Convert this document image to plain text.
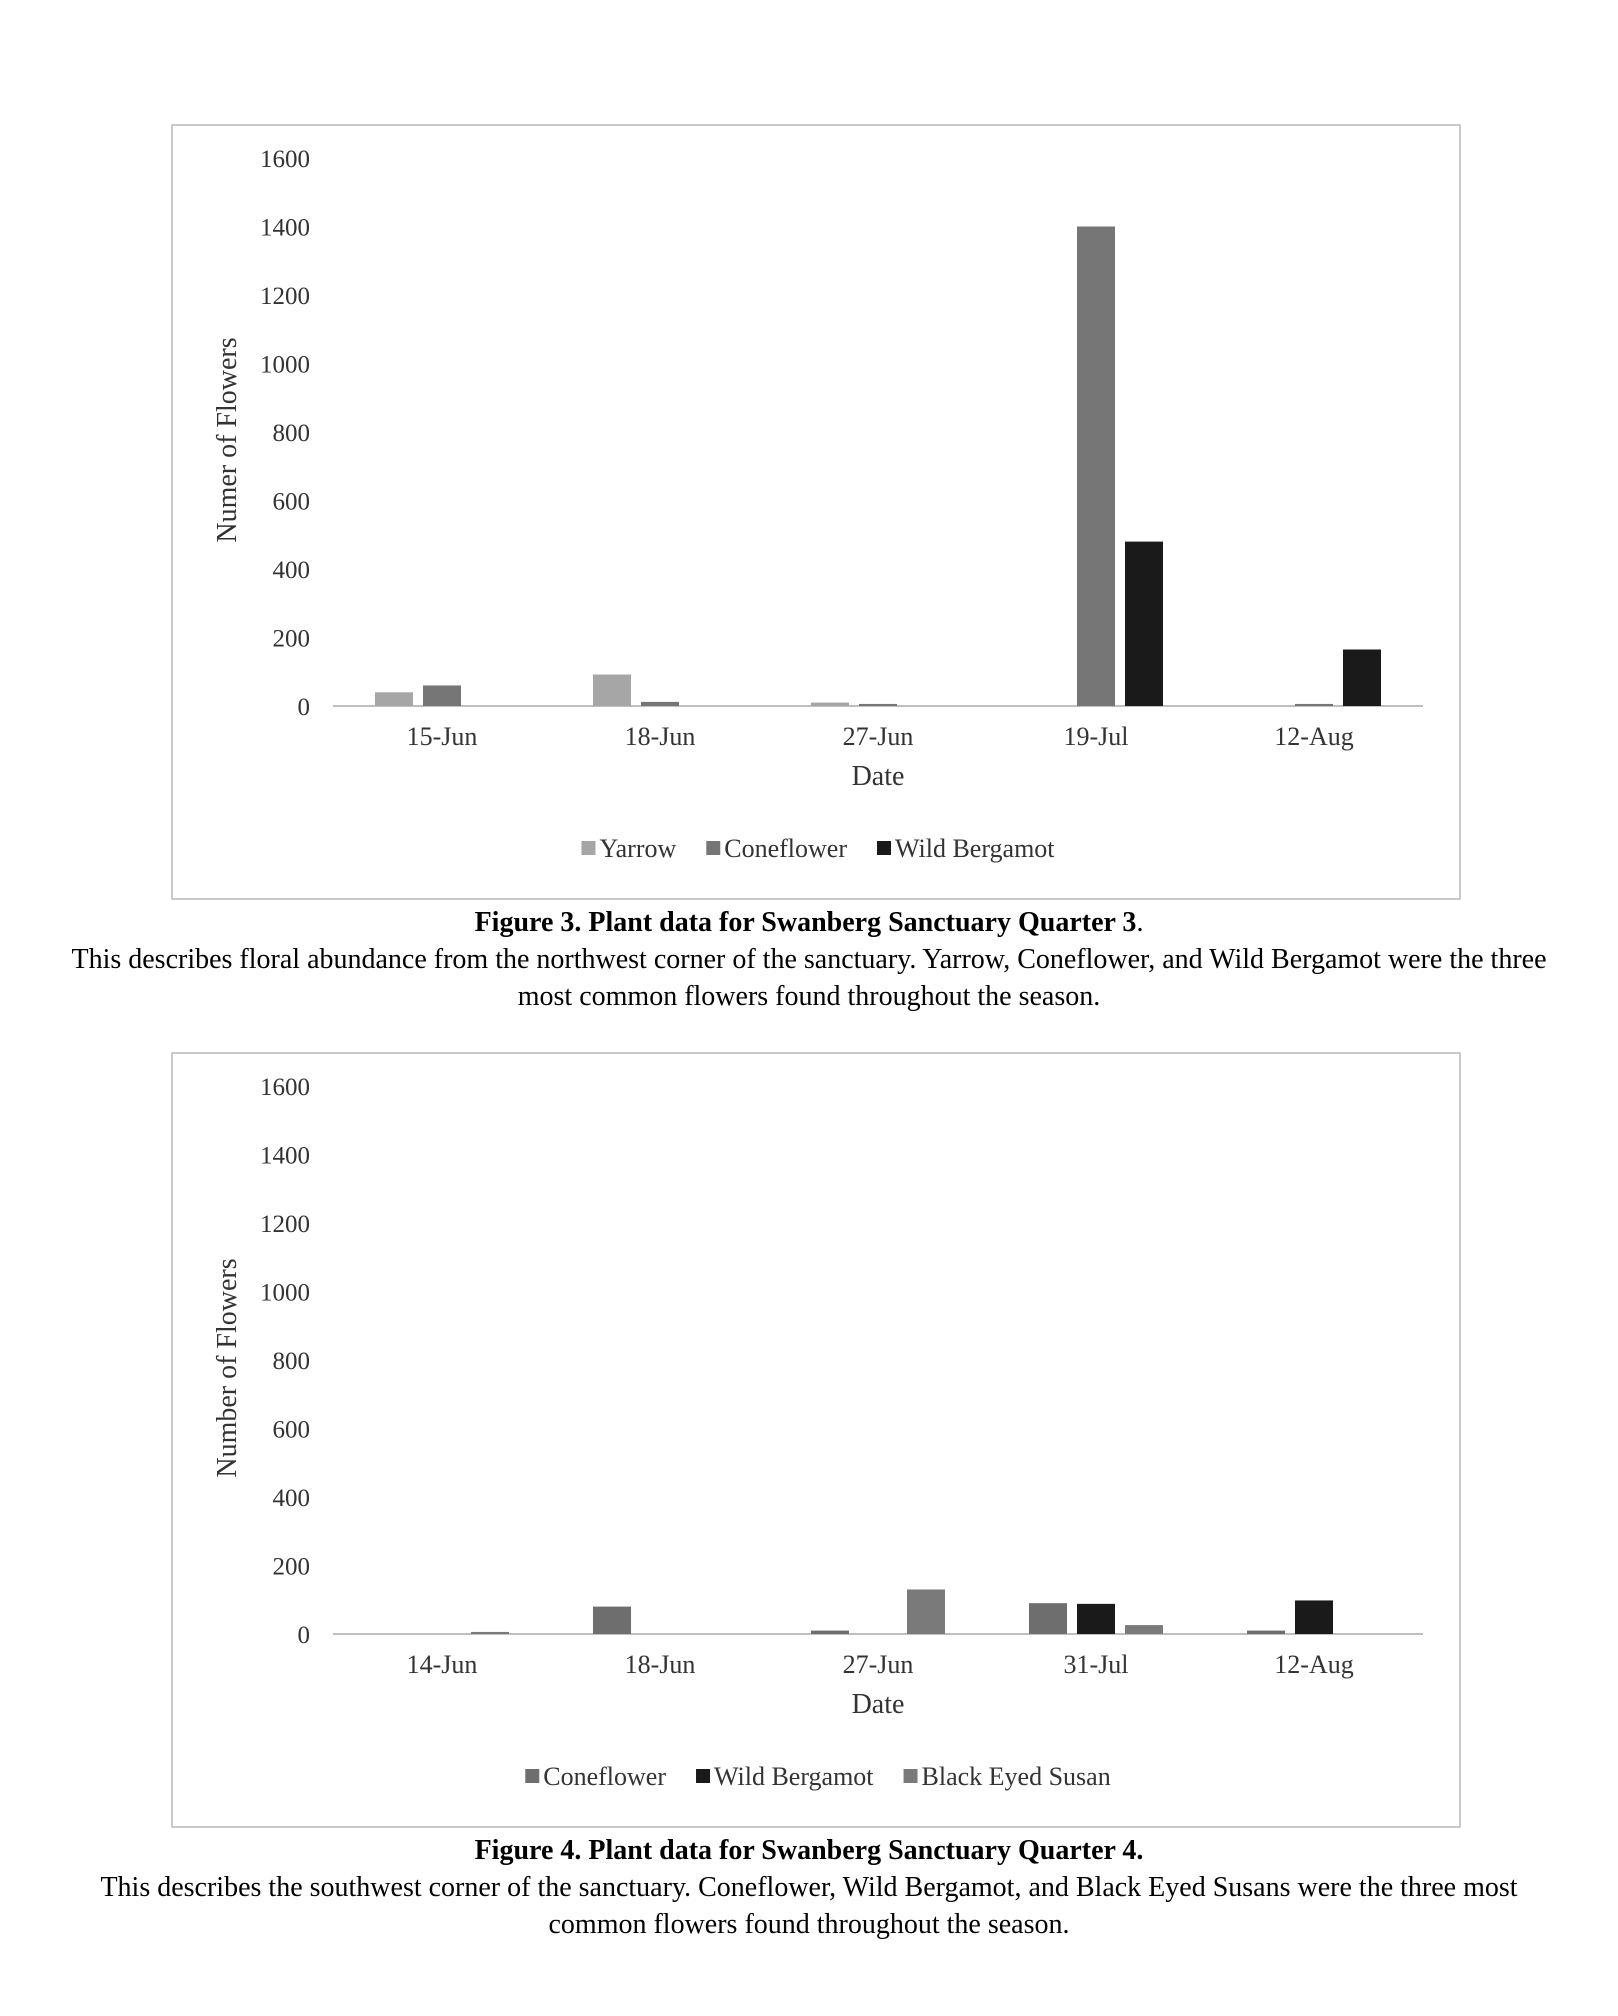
0
200
400
600
800
1000
1200
1400
1600
15-Jun	18-Jun	27-Jun	19-Jul	12-Aug
Date
Numer of Flowers
Yarrow Coneflower Wild Bergamot
Figure 3. Plant data for Swanberg Sanctuary Quarter 3.
This describes floral abundance from the northwest corner of the sanctuary. Yarrow, Coneflower, and Wild Bergamot were the three most common flowers found throughout the season.
0
200
400
600
800
1000
1200
1400
1600
14-Jun	18-Jun	27-Jun	31-Jul	12-Aug
Date
Number of Flowers
Coneflower Wild Bergamot Black Eyed Susan
Figure 4. Plant data for Swanberg Sanctuary Quarter 4.
This describes the southwest corner of the sanctuary. Coneflower, Wild Bergamot, and Black Eyed Susans were the three most common flowers found throughout the season.
